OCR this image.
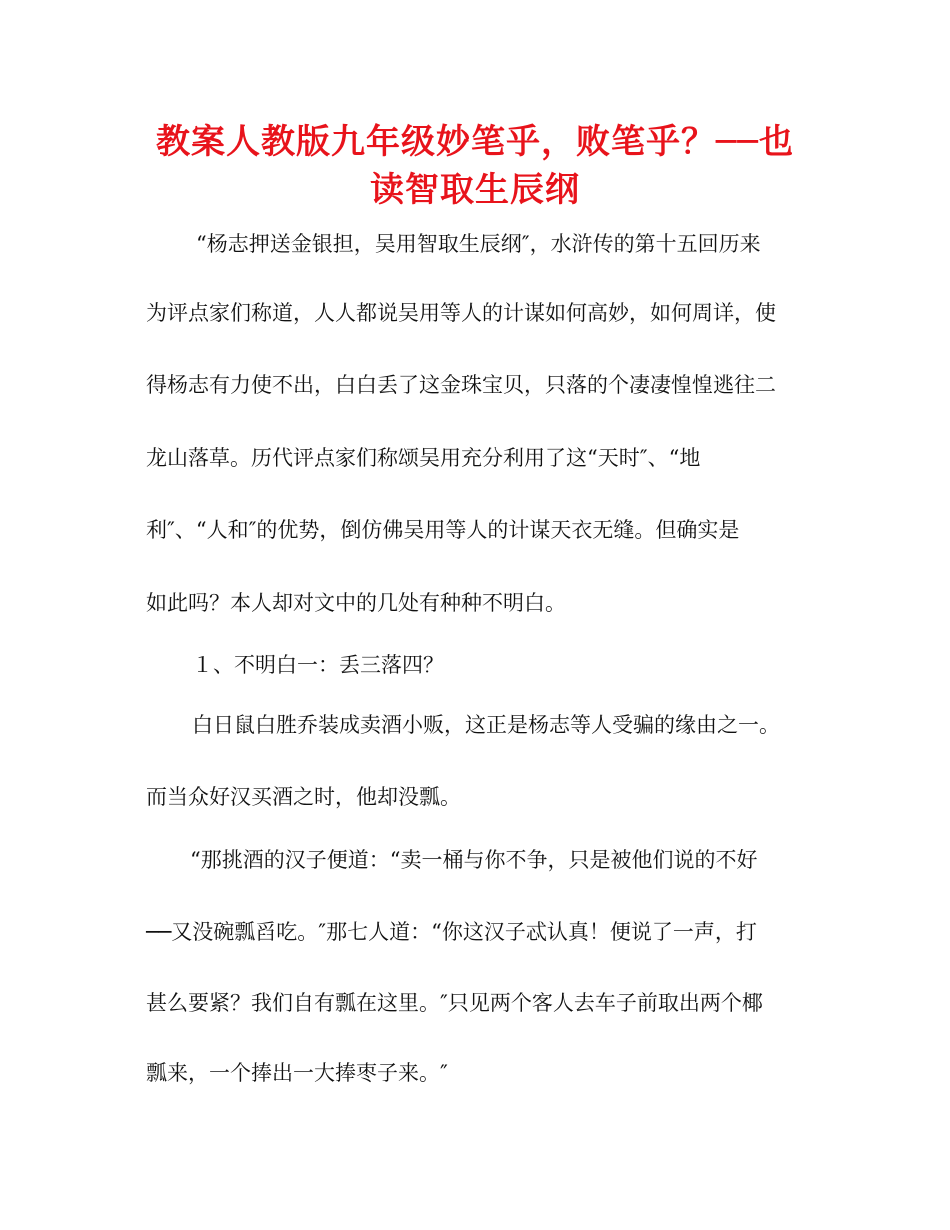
教案人教版九年级妙笔乎，败笔乎？──也
读智取生辰纲
“杨志押送金银担，吴用智取生辰纲″，水浒传的第十五回历来
为评点家们称道，人人都说吴用等人的计谋如何高妙，如何周详，使
得杨志有力使不出，白白丢了这金珠宝贝，只落的个凄凄惶惶逃往二
龙山落草。历代评点家们称颂吴用充分利用了这“天时″、“地
利″、“人和″的优势，倒仿佛吴用等人的计谋天衣无缝。但确实是
如此吗？本人却对文中的几处有种种不明白。
１、不明白一：丢三落四？
白日鼠白胜乔装成卖酒小贩，这正是杨志等人受骗的缘由之一。
而当众好汉买酒之时，他却没瓢。
“那挑酒的汉子便道：“卖一桶与你不争，只是被他们说的不好
──又没碗瓢舀吃。″那七人道：“你这汉子忒认真！便说了一声，打
甚么要紧？我们自有瓢在这里。″只见两个客人去车子前取出两个椰
瓢来，一个捧出一大捧枣子来。″
